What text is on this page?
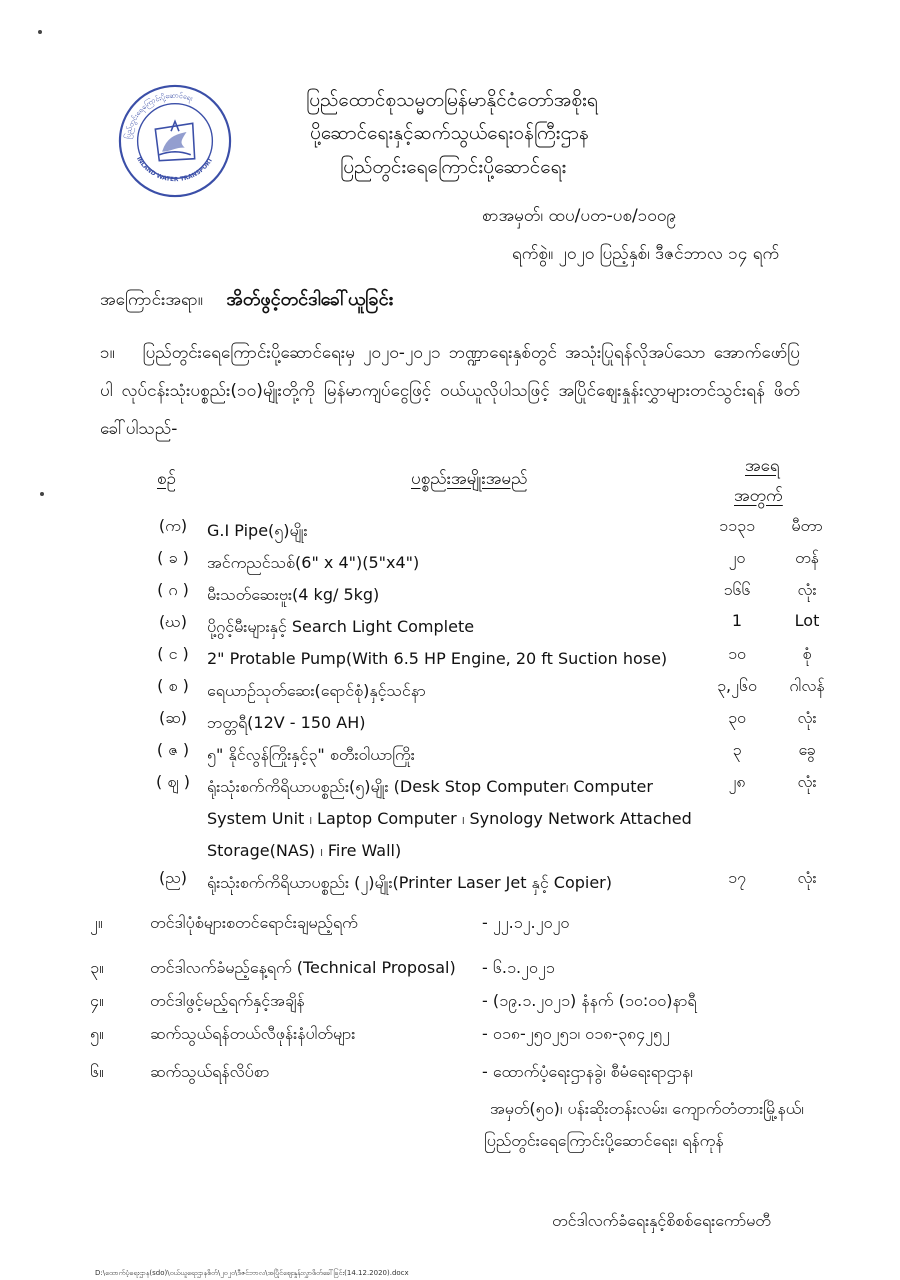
ပြည်တွင်းရေကြောင်းပို့ဆောင်ရေး
INLAND WATER TRANSPORT
ပြည်ထောင်စုသမ္မတမြန်မာနိုင်ငံတော်အစိုးရ
ပို့ဆောင်ရေးနှင့်ဆက်သွယ်ရေးဝန်ကြီးဌာန
ပြည်တွင်းရေကြောင်းပို့ဆောင်ရေး
စာအမှတ်၊ ထပ/ပတ-ပစ/၁၀၀၉
ရက်စွဲ။ ၂၀၂၀ ပြည့်နှစ်၊ ဒီဇင်ဘာလ ၁၄ ရက်
အကြောင်းအရာ။ အိတ်ဖွင့်တင်ဒါခေါ်ယူခြင်း
၁။ ပြည်တွင်းရေကြောင်းပို့ဆောင်ရေးမှ ၂၀၂၀-၂၀၂၁ ဘဏ္ဍာရေးနှစ်တွင် အသုံးပြုရန်လိုအပ်သော အောက်ဖော်ပြပါ လုပ်ငန်းသုံးပစ္စည်း(၁၀)မျိုးတို့ကို မြန်မာကျပ်ငွေဖြင့် ဝယ်ယူလိုပါသဖြင့် အပြိုင်ဈေးနှုန်းလွှာများတင်သွင်းရန် ဖိတ်ခေါ်ပါသည်-
စဉ်	ပစ္စည်းအမျိုးအမည်
အရေ
အတွက်
(က)	G.I Pipe(၅)မျိုး	၁၁၃၁	မီတာ
( ခ )	အင်ကညင်သစ်(6" x 4")(5"x4")	၂၀	တန်
( ဂ )	မီးသတ်ဆေးဗူး(4 kg/ 5kg)	၁၆၆	လုံး
(ဃ)	ပို့ဂွင့်မီးများနှင့် Search Light Complete	1	Lot
( င )	2" Protable Pump(With 6.5 HP Engine, 20 ft Suction hose)	၁၀	စုံ
( စ )	ရေယာဉ်သုတ်ဆေး(ရောင်စုံ)နှင့်သင်နာ	၃,၂၆၀	ဂါလန်
(ဆ)	ဘတ္တရီ(12V - 150 AH)	၃၀	လုံး
( ဇ )	၅" နိုင်လွန်ကြိုးနှင့်၃" စတီးဝါယာကြိုး	၃	ခွေ
( ဈ )	ရုံးသုံးစက်ကိရိယာပစ္စည်း(၅)မျိုး (Desk Stop Computer၊ Computer System Unit ၊ Laptop Computer ၊ Synology Network Attached Storage(NAS) ၊ Fire Wall)
၂၈	လုံး
(ည)	ရုံးသုံးစက်ကိရိယာပစ္စည်း (၂)မျိုး(Printer Laser Jet နှင့် Copier)	၁၇	လုံး
၂။	တင်ဒါပုံစံများစတင်ရောင်းချမည့်ရက်	- ၂၂.၁၂.၂၀၂၀
၃။	တင်ဒါလက်ခံမည့်နေ့ရက် (Technical Proposal) - ၆.၁.၂၀၂၁
၄။	တင်ဒါဖွင့်မည့်ရက်နှင့်အချိန်	- (၁၉.၁.၂၀၂၁) နံနက် (၁၀:၀၀)နာရီ
၅။	ဆက်သွယ်ရန်တယ်လီဖုန်းနံပါတ်များ	- ၀၁၈-၂၅၀၂၅၁၊ ၀၁၈-၃၈၄၂၅၂
၆။	ဆက်သွယ်ရန်လိပ်စာ	- ထောက်ပံ့ရေးဌာနခွဲ၊ စီမံရေးရာဌာန၊
အမှတ်(၅၀)၊ ပန်းဆိုးတန်းလမ်း၊ ကျောက်တံတားမြို့နယ်၊
ပြည်တွင်းရေကြောင်းပို့ဆောင်ရေး၊ ရန်ကုန်
တင်ဒါလက်ခံရေးနှင့်စိစစ်ရေးကော်မတီ
D:\ထောက်ပံ့ရေးဌာန(sdo)\ဝယ်ယူရေးဌာနစိတ်\၂၀၂၀\ဒီဇင်ဘာလ\အပြိုင်ဈေးနှုန်းလွှာဖိတ်ခေါ်ခြင်း(14.12.2020).docx
